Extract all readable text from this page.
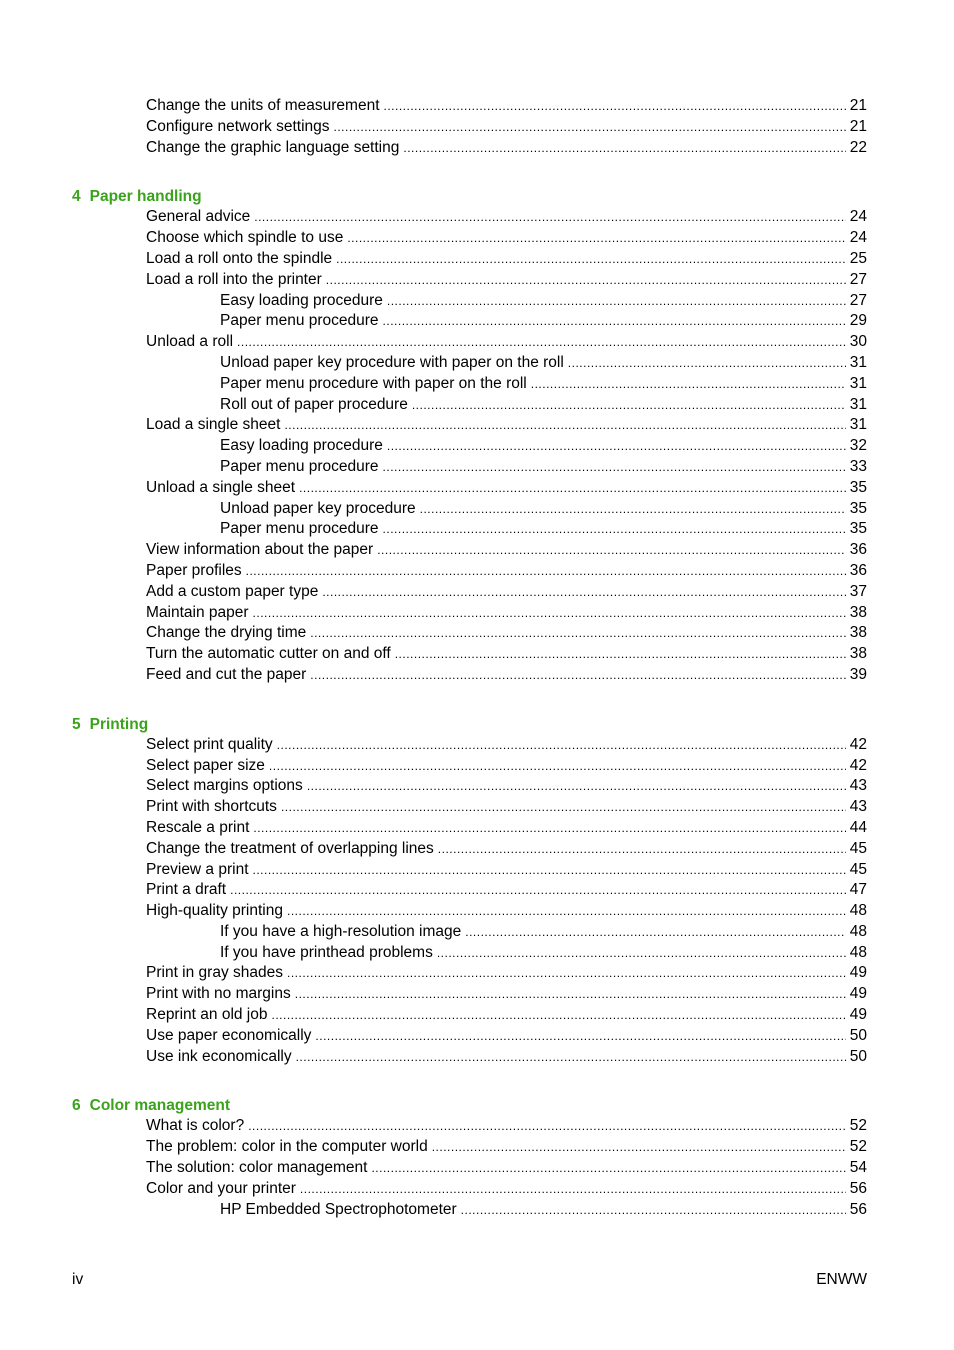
Change the units of measurement .....	21
Configure network settings .....	21
Change the graphic language setting .....	22
4 Paper handling
General advice .....	24
Choose which spindle to use .....	24
Load a roll onto the spindle .....	25
Load a roll into the printer .....	27
Easy loading procedure .....	27
Paper menu procedure .....	29
Unload a roll .....	30
Unload paper key procedure with paper on the roll .....	31
Paper menu procedure with paper on the roll .....	31
Roll out of paper procedure .....	31
Load a single sheet .....	31
Easy loading procedure .....	32
Paper menu procedure .....	33
Unload a single sheet .....	35
Unload paper key procedure .....	35
Paper menu procedure .....	35
View information about the paper .....	36
Paper profiles .....	36
Add a custom paper type .....	37
Maintain paper .....	38
Change the drying time .....	38
Turn the automatic cutter on and off .....	38
Feed and cut the paper .....	39
5 Printing
Select print quality .....	42
Select paper size .....	42
Select margins options .....	43
Print with shortcuts .....	43
Rescale a print .....	44
Change the treatment of overlapping lines .....	45
Preview a print .....	45
Print a draft .....	47
High-quality printing .....	48
If you have a high-resolution image .....	48
If you have printhead problems .....	48
Print in gray shades .....	49
Print with no margins .....	49
Reprint an old job .....	49
Use paper economically .....	50
Use ink economically .....	50
6 Color management
What is color? .....	52
The problem: color in the computer world .....	52
The solution: color management .....	54
Color and your printer .....	56
HP Embedded Spectrophotometer .....	56
iv	ENWW
